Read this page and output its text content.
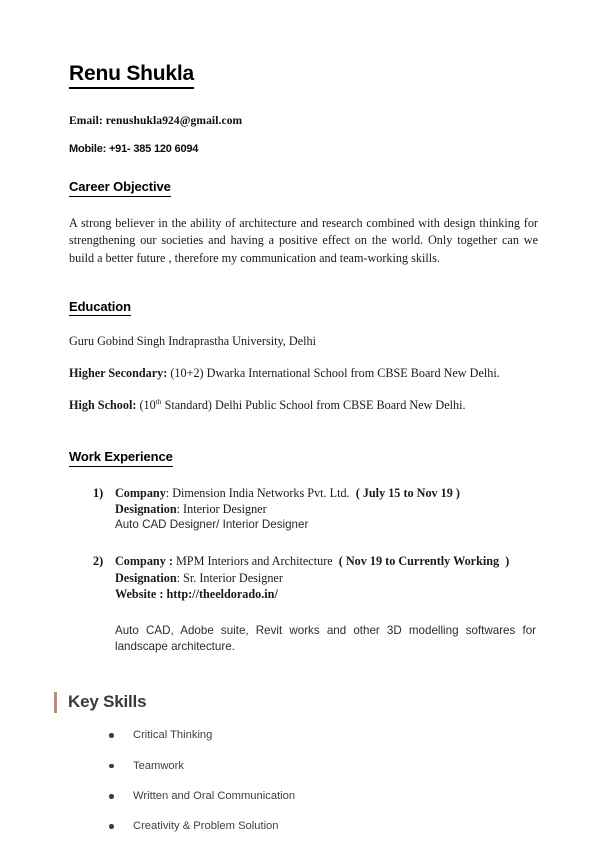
Renu Shukla

Email: renushukla924@gmail.com

Mobile: +91- 385 120 6094

Career Objective

A strong believer in the ability of architecture and research combined with design thinking for strengthening our societies and having a positive effect on the world. Only together can we build a better future , therefore my communication and team-working skills.

Education

Guru Gobind Singh Indraprastha University, Delhi

Higher Secondary: (10+2) Dwarka International School from CBSE Board New Delhi.

High School: (10th Standard) Delhi Public School from CBSE Board New Delhi.

Work Experience
1) Company: Dimension India Networks Pvt. Ltd.  ( July 15 to Nov 19 )

Designation: Interior Designer

Auto CAD Designer/ Interior Designer

2) Company : MPM Interiors and Architecture  ( Nov 19 to Currently Working  )

Designation: Sr. Interior Designer

Website : http://theeldorado.in/

Auto CAD, Adobe suite, Revit works and other 3D modelling softwares for landscape architecture.

Key Skills
Critical Thinking
Teamwork
Written and Oral Communication
Creativity & Problem Solution
